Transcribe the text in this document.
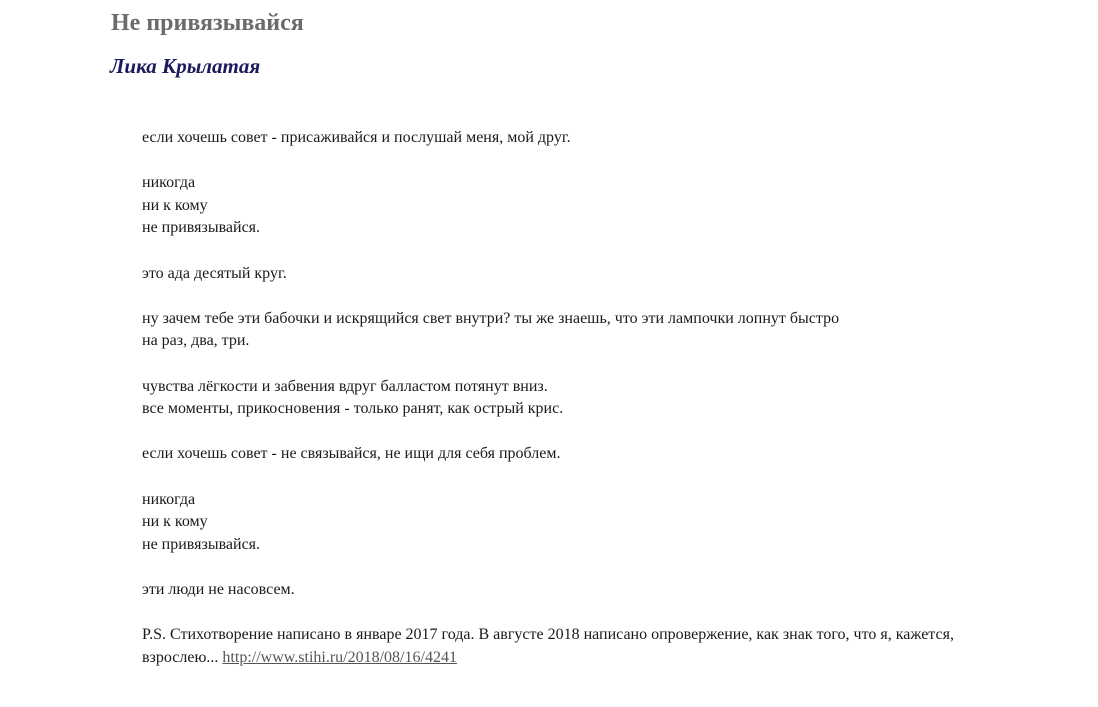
Не привязывайся
Лика Крылатая
если хочешь совет - присаживайся и послушай меня, мой друг.
никогда
ни к кому
не привязывайся.
это ада десятый круг.
ну зачем тебе эти бабочки и искрящийся свет внутри? ты же знаешь, что эти лампочки лопнут быстро
на раз, два, три.
чувства лёгкости и забвения вдруг балластом потянут вниз.
все моменты, прикосновения - только ранят, как острый крис.
если хочешь совет - не связывайся, не ищи для себя проблем.
никогда
ни к кому
не привязывайся.
эти люди не насовсем.
P.S. Стихотворение написано в январе 2017 года. В августе 2018 написано опровержение, как знак того, что я, кажется,
взрослею... http://www.stihi.ru/2018/08/16/4241
